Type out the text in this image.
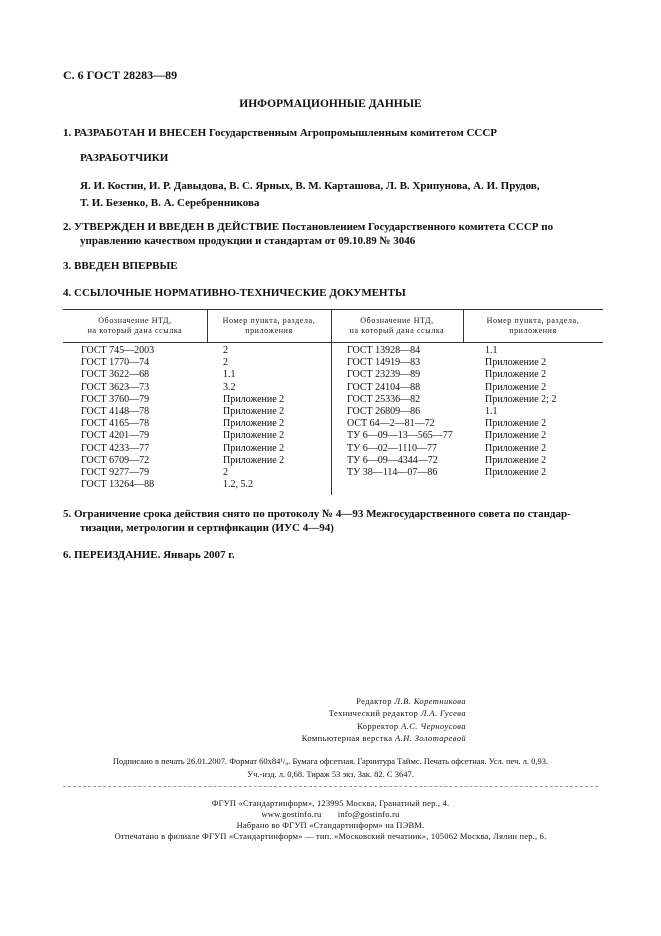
С. 6 ГОСТ 28283—89
ИНФОРМАЦИОННЫЕ ДАННЫЕ
1. РАЗРАБОТАН И ВНЕСЕН Государственным Агропромышленным комитетом СССР
РАЗРАБОТЧИКИ
Я. И. Костин, И. Р. Давыдова, В. С. Ярных, В. М. Карташова, Л. В. Хрипунова, А. И. Прудов,
Т. И. Безенко, В. А. Серебренникова
2. УТВЕРЖДЕН И ВВЕДЕН В ДЕЙСТВИЕ Постановлением Государственного комитета СССР по
управлению качеством продукции и стандартам от 09.10.89 № 3046
3. ВВЕДЕН ВПЕРВЫЕ
4. ССЫЛОЧНЫЕ НОРМАТИВНО-ТЕХНИЧЕСКИЕ ДОКУМЕНТЫ
Обозначение НТД,
на который дана ссылка
Номер пункта, раздела,
приложения
Обозначение НТД,
на который дана ссылка
Номер пункта, раздела,
приложения
ГОСТ 745—2003
ГОСТ 1770—74
ГОСТ 3622—68
ГОСТ 3623—73
ГОСТ 3760—79
ГОСТ 4148—78
ГОСТ 4165—78
ГОСТ 4201—79
ГОСТ 4233—77
ГОСТ 6709—72
ГОСТ 9277—79
ГОСТ 13264—88
2
2
1.1
3.2
Приложение 2
Приложение 2
Приложение 2
Приложение 2
Приложение 2
Приложение 2
2
1.2, 5.2
ГОСТ 13928—84
ГОСТ 14919—83
ГОСТ 23239—89
ГОСТ 24104—88
ГОСТ 25336—82
ГОСТ 26809—86
ОСТ 64—2—81—72
ТУ 6—09—13—565—77
ТУ 6—02—1110—77
ТУ 6—09—4344—72
ТУ 38—114—07—86
1.1
Приложение 2
Приложение 2
Приложение 2
Приложение 2; 2
1.1
Приложение 2
Приложение 2
Приложение 2
Приложение 2
Приложение 2
5. Ограничение срока действия снято по протоколу № 4—93 Межгосударственного совета по стандар-
тизации, метрологии и сертификации (ИУС 4—94)
6. ПЕРЕИЗДАНИЕ. Январь 2007 г.
Редактор Л.В. Коретникова
Технический редактор Л.А. Гусева
Корректор А.С. Черноусова
Компьютерная верстка А.Н. Золотаревой
Подписано в печать 26.01.2007. Формат 60x84¹/₈. Бумага офсетная. Гарнитура Таймс. Печать офсетная. Усл. печ. л. 0,93.
Уч.-изд. л. 0,68. Тираж 53 экз. Зак. 82. С 3647.
ФГУП «Стандартинформ», 123995 Москва, Гранатный пер., 4.
www.gostinfo.ru       info@gostinfo.ru
Набрано во ФГУП «Стандартинформ» на ПЭВМ.
Отпечатано в филиале ФГУП «Стандартинформ» — тип. «Московский печатник», 105062 Москва, Лялин пер., 6.
